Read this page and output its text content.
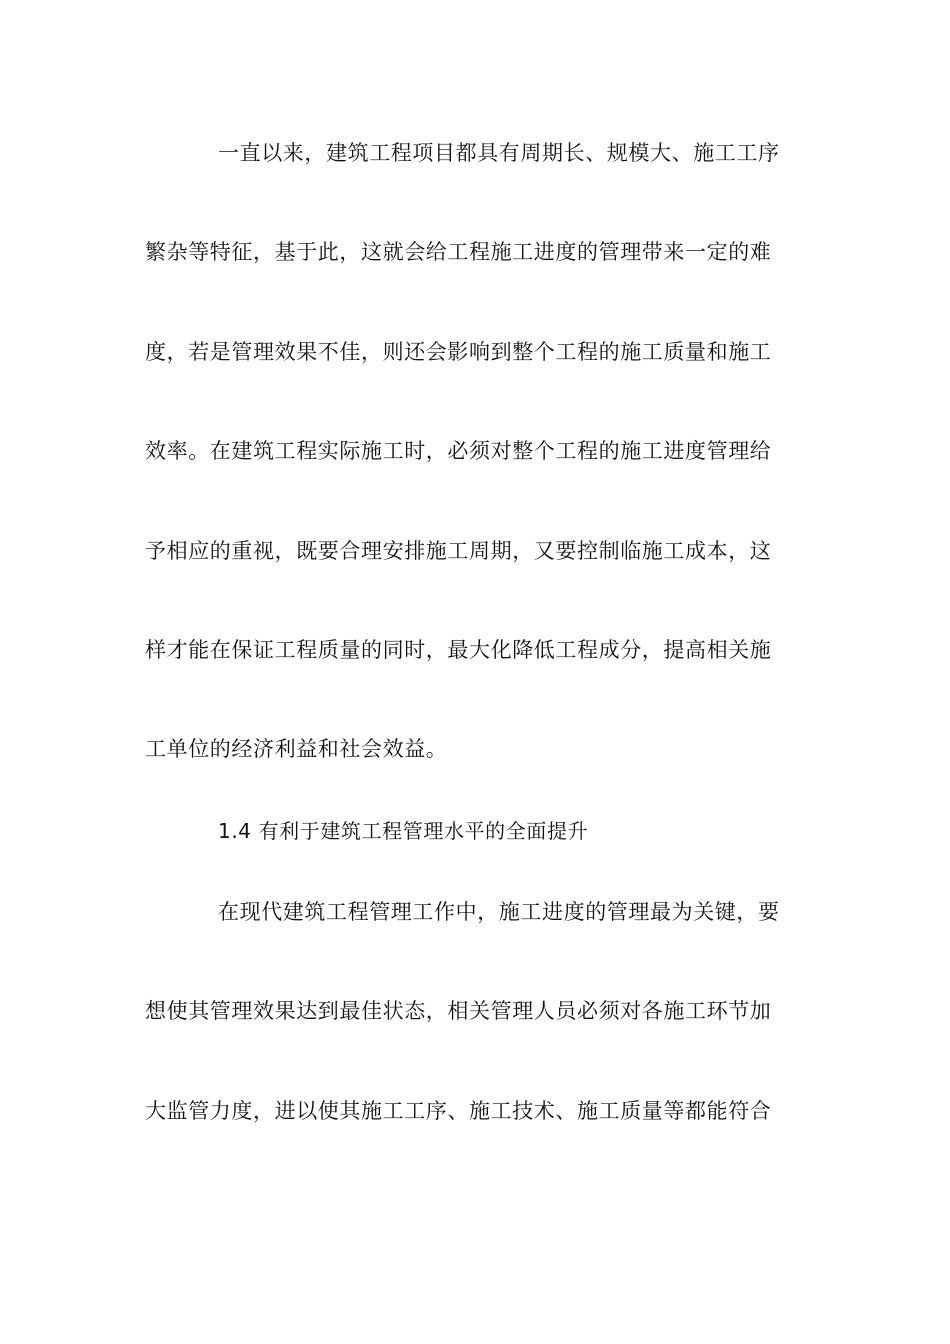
一直以来，建筑工程项目都具有周期长、规模大、施工工序
繁杂等特征，基于此，这就会给工程施工进度的管理带来一定的难
度，若是管理效果不佳，则还会影响到整个工程的施工质量和施工
效率。在建筑工程实际施工时，必须对整个工程的施工进度管理给
予相应的重视，既要合理安排施工周期，又要控制临施工成本，这
样才能在保证工程质量的同时，最大化降低工程成分，提高相关施
工单位的经济利益和社会效益。
1.4 有利于建筑工程管理水平的全面提升
在现代建筑工程管理工作中，施工进度的管理最为关键，要
想使其管理效果达到最佳状态，相关管理人员必须对各施工环节加
大监管力度，进以使其施工工序、施工技术、施工质量等都能符合
